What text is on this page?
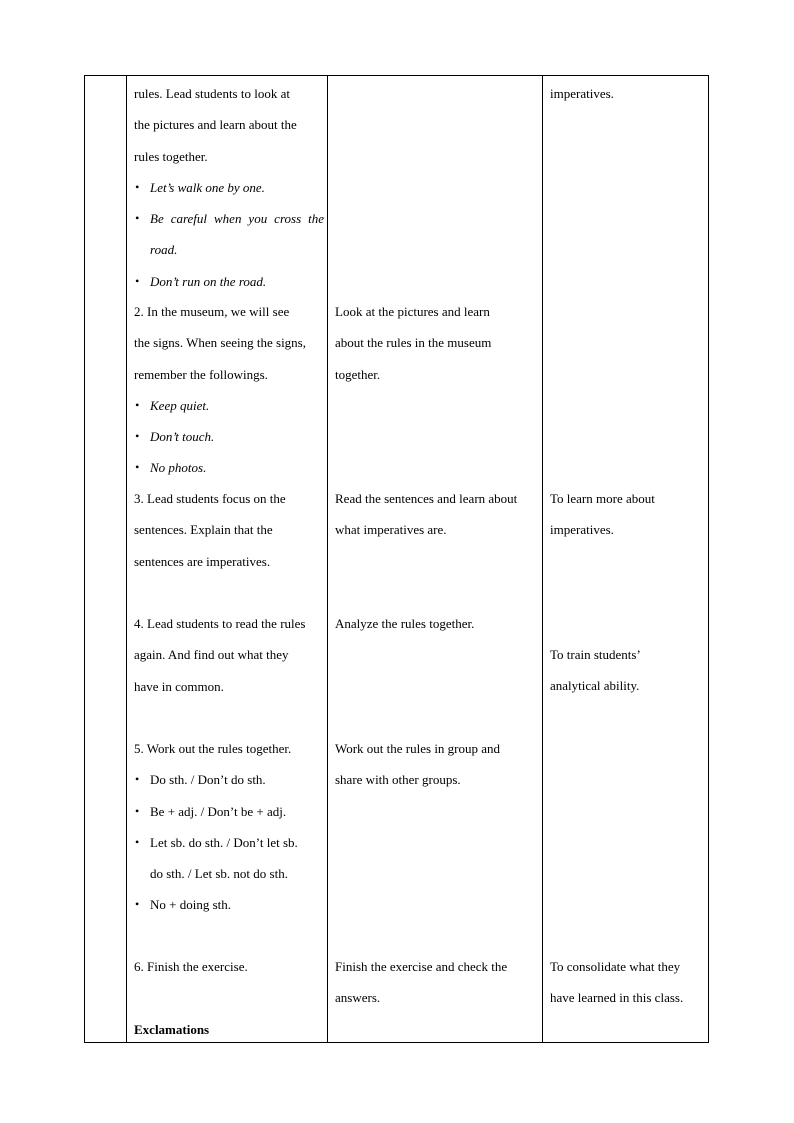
rules. Lead students to look at
the pictures and learn about the
rules together.
• Let’s walk one by one.
• Be careful when you cross the
road.
• Don’t run on the road.
2. In the museum, we will see
the signs. When seeing the signs,
remember the followings.
• Keep quiet.
• Don’t touch.
• No photos.
3. Lead students focus on the
sentences. Explain that the
sentences are imperatives.
4. Lead students to read the rules
again. And find out what they
have in common.
5. Work out the rules together.
• Do sth. / Don’t do sth.
• Be + adj. / Don’t be + adj.
• Let sb. do sth. / Don’t let sb.
do sth. / Let sb. not do sth.
• No + doing sth.
6. Finish the exercise.
Exclamations
Look at the pictures and learn
about the rules in the museum
together.
Read the sentences and learn about
what imperatives are.
Analyze the rules together.
Work out the rules in group and
share with other groups.
Finish the exercise and check the
answers.
imperatives.
To learn more about
imperatives.
To train students’
analytical ability.
To consolidate what they
have learned in this class.
